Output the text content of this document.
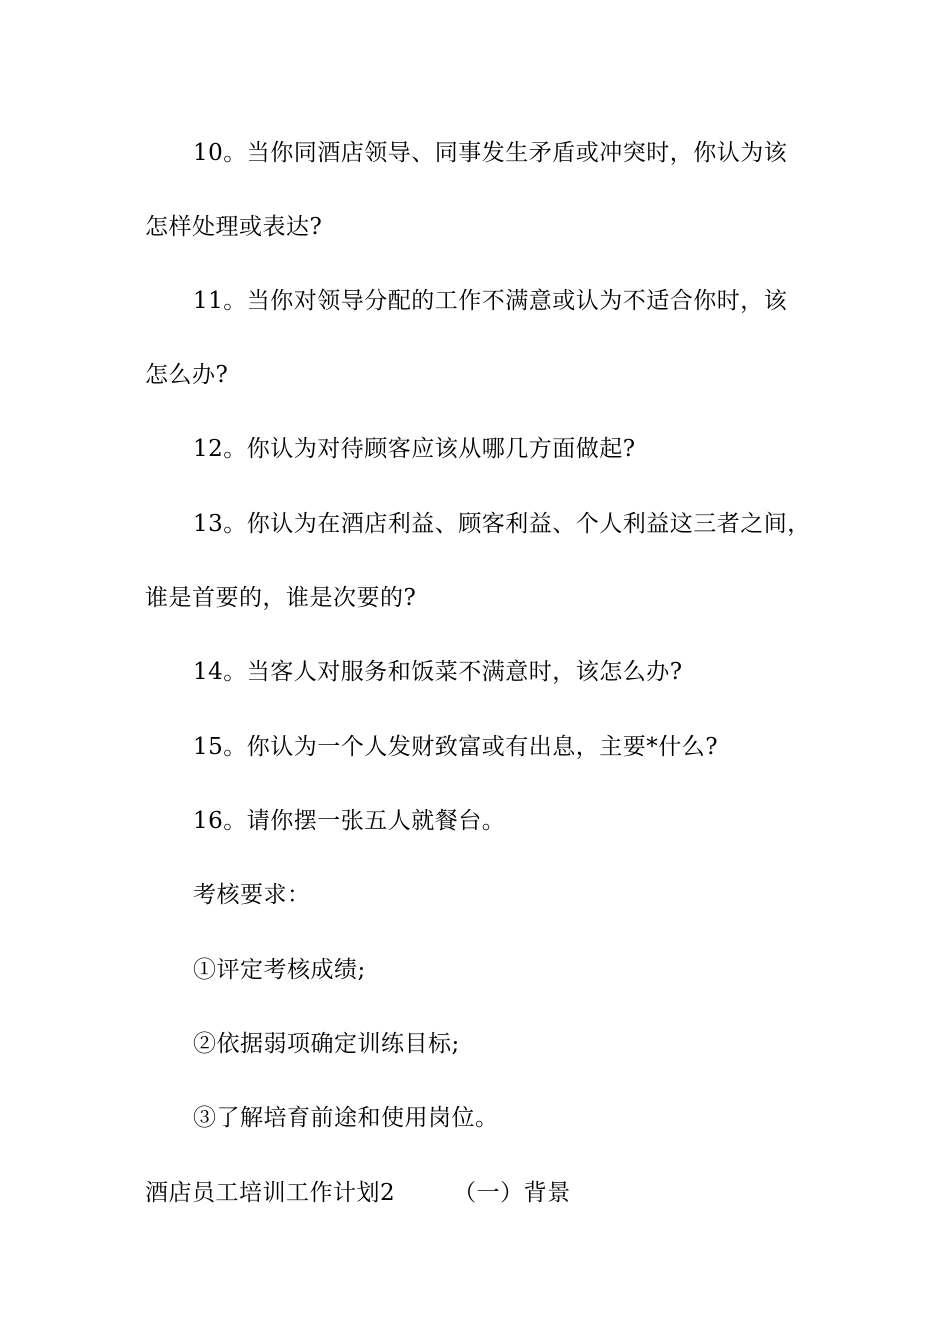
10。当你同酒店领导、同事发生矛盾或冲突时，你认为该
怎样处理或表达?
11。当你对领导分配的工作不满意或认为不适合你时，该
怎么办?
12。你认为对待顾客应该从哪几方面做起?
13。你认为在酒店利益、顾客利益、个人利益这三者之间，
谁是首要的，谁是次要的?
14。当客人对服务和饭菜不满意时，该怎么办?
15。你认为一个人发财致富或有出息，主要*什么?
16。请你摆一张五人就餐台。
考核要求：
①评定考核成绩;
②依据弱项确定训练目标;
③了解培育前途和使用岗位。
酒店员工培训工作计划2	（一）背景
